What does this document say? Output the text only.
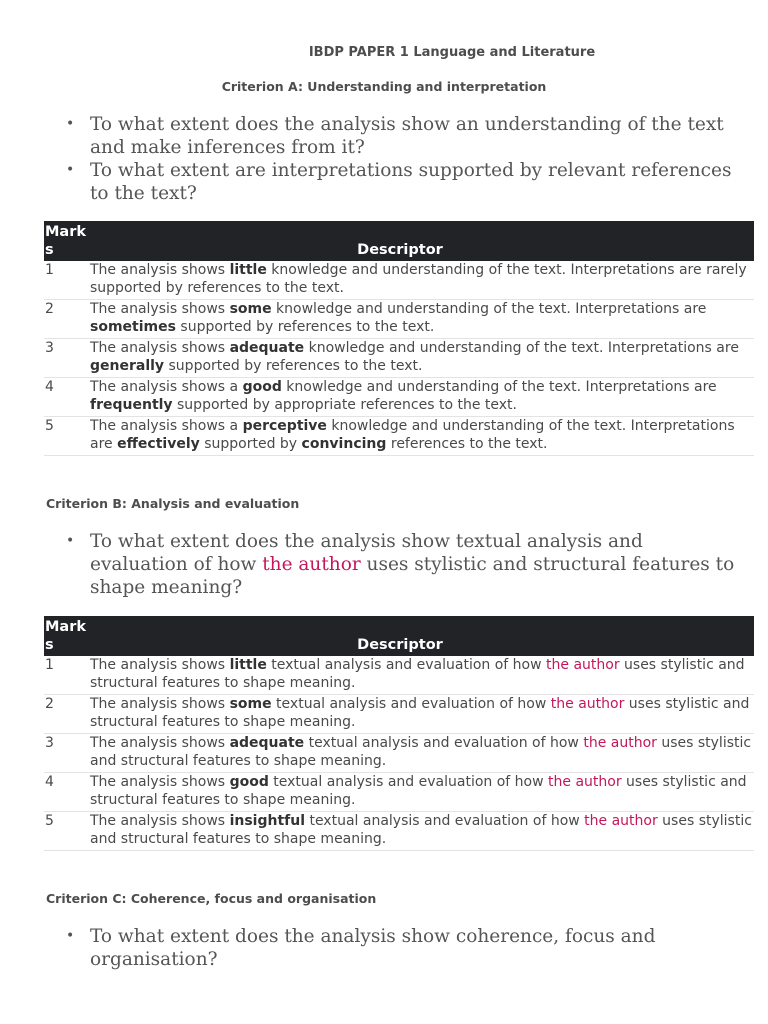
IBDP PAPER 1 Language and Literature
Criterion A: Understanding and interpretation
• To what extent does the analysis show an understanding of the text and make inferences from it?
• To what extent are interpretations supported by relevant references to the text?
Marks	Descriptor
1	The analysis shows little knowledge and understanding of the text. Interpretations are rarely supported by references to the text.
2	The analysis shows some knowledge and understanding of the text. Interpretations are sometimes supported by references to the text.
3	The analysis shows adequate knowledge and understanding of the text. Interpretations are generally supported by references to the text.
4	The analysis shows a good knowledge and understanding of the text. Interpretations are frequently supported by appropriate references to the text.
5	The analysis shows a perceptive knowledge and understanding of the text. Interpretations are effectively supported by convincing references to the text.
Criterion B: Analysis and evaluation
• To what extent does the analysis show textual analysis and evaluation of how the author uses stylistic and structural features to shape meaning?
Marks	Descriptor
1	The analysis shows little textual analysis and evaluation of how the author uses stylistic and structural features to shape meaning.
2	The analysis shows some textual analysis and evaluation of how the author uses stylistic and structural features to shape meaning.
3	The analysis shows adequate textual analysis and evaluation of how the author uses stylistic and structural features to shape meaning.
4	The analysis shows good textual analysis and evaluation of how the author uses stylistic and structural features to shape meaning.
5	The analysis shows insightful textual analysis and evaluation of how the author uses stylistic and structural features to shape meaning.
Criterion C: Coherence, focus and organisation
• To what extent does the analysis show coherence, focus and organisation?
